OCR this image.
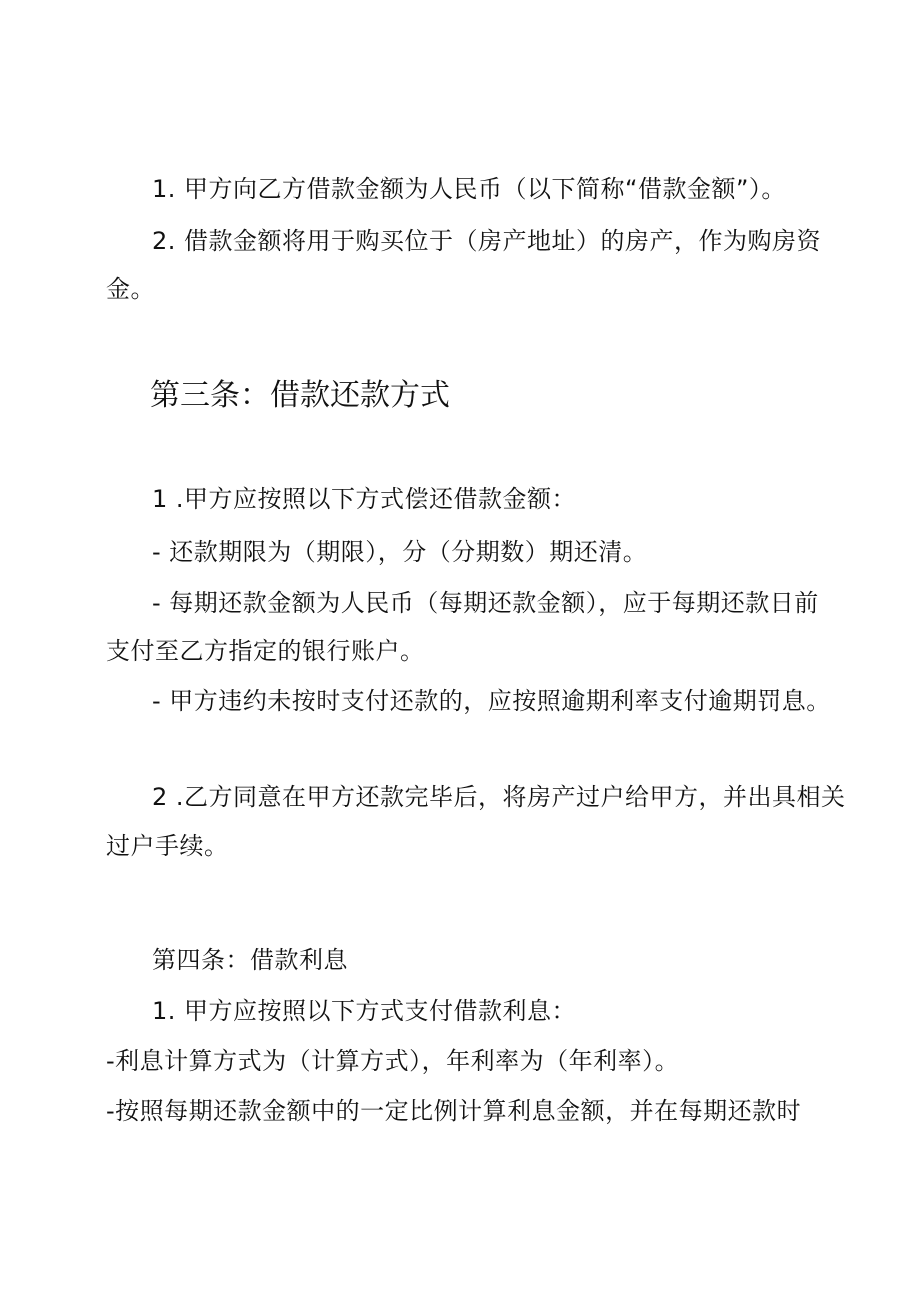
1. 甲方向乙方借款金额为人民币（以下简称“借款金额”）。
2. 借款金额将用于购买位于（房产地址）的房产，作为购房资
金。
第三条：借款还款方式
1 .甲方应按照以下方式偿还借款金额：
- 还款期限为（期限），分（分期数）期还清。
- 每期还款金额为人民币（每期还款金额），应于每期还款日前
支付至乙方指定的银行账户。
- 甲方违约未按时支付还款的，应按照逾期利率支付逾期罚息。
2 .乙方同意在甲方还款完毕后，将房产过户给甲方，并出具相关
过户手续。
第四条：借款利息
1. 甲方应按照以下方式支付借款利息：
-利息计算方式为（计算方式），年利率为（年利率）。
-按照每期还款金额中的一定比例计算利息金额，并在每期还款时
